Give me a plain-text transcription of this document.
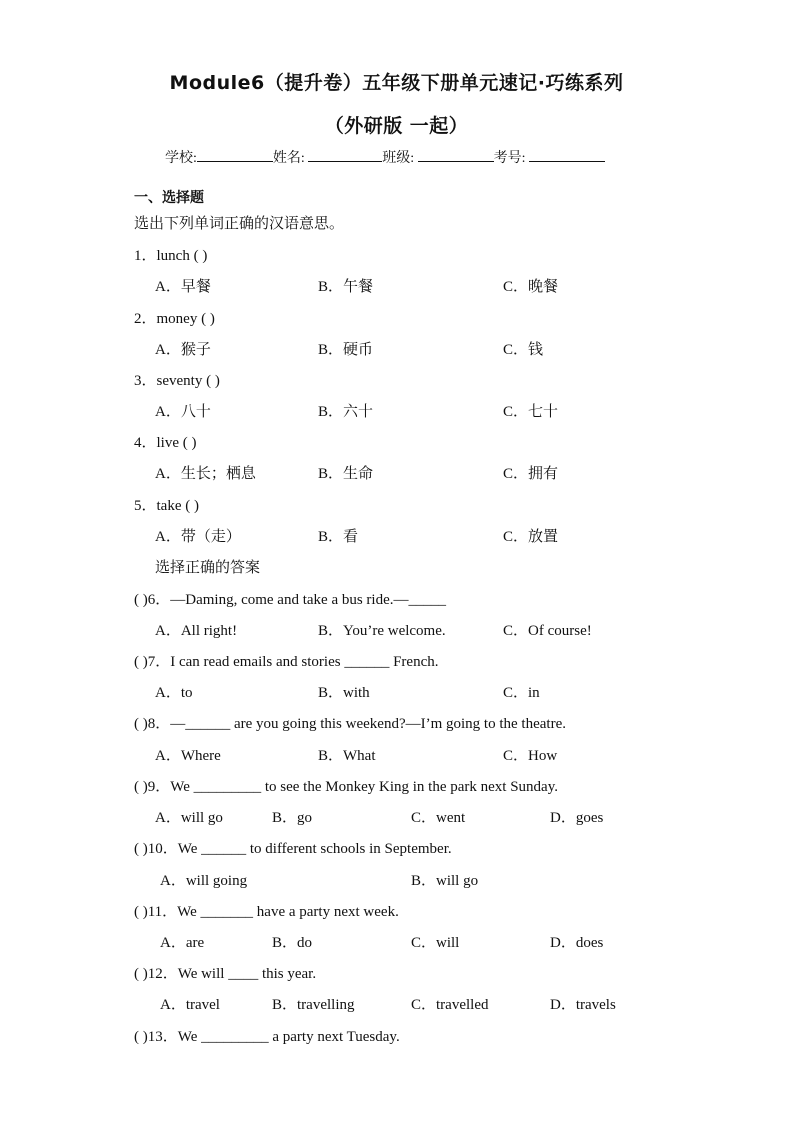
Module6（提升卷）五年级下册单元速记·巧练系列
（外研版 一起）
学校:	姓名:	班级:	考号:
一、选择题
选出下列单词正确的汉语意思。
1．lunch ( )
A．早餐	B．午餐	C．晚餐
2．money ( )
A．猴子	B．硬币	C．钱
3．seventy ( )
A．八十	B．六十	C．七十
4．live ( )
A．生长；栖息	B．生命	C．拥有
5．take ( )
A．带（走）	B．看	C．放置
选择正确的答案
( )6．—Daming, come and take a bus ride.—_____
A．All right!	B．You’re welcome.	C．Of course!
( )7．I can read emails and stories ______ French.
A．to	B．with	C．in
( )8．—______ are you going this weekend?—I’m going to the theatre.
A．Where	B．What	C．How
( )9．We _________ to see the Monkey King in the park next Sunday.
A．will go	B．go	C．went	D．goes
( )10．We ______ to different schools in September.
A．will going	B．will go
( )11．We _______ have a party next week.
A．are	B．do	C．will	D．does
( )12．We will ____ this year.
A．travel	B．travelling	C．travelled	D．travels
( )13．We _________ a party next Tuesday.
